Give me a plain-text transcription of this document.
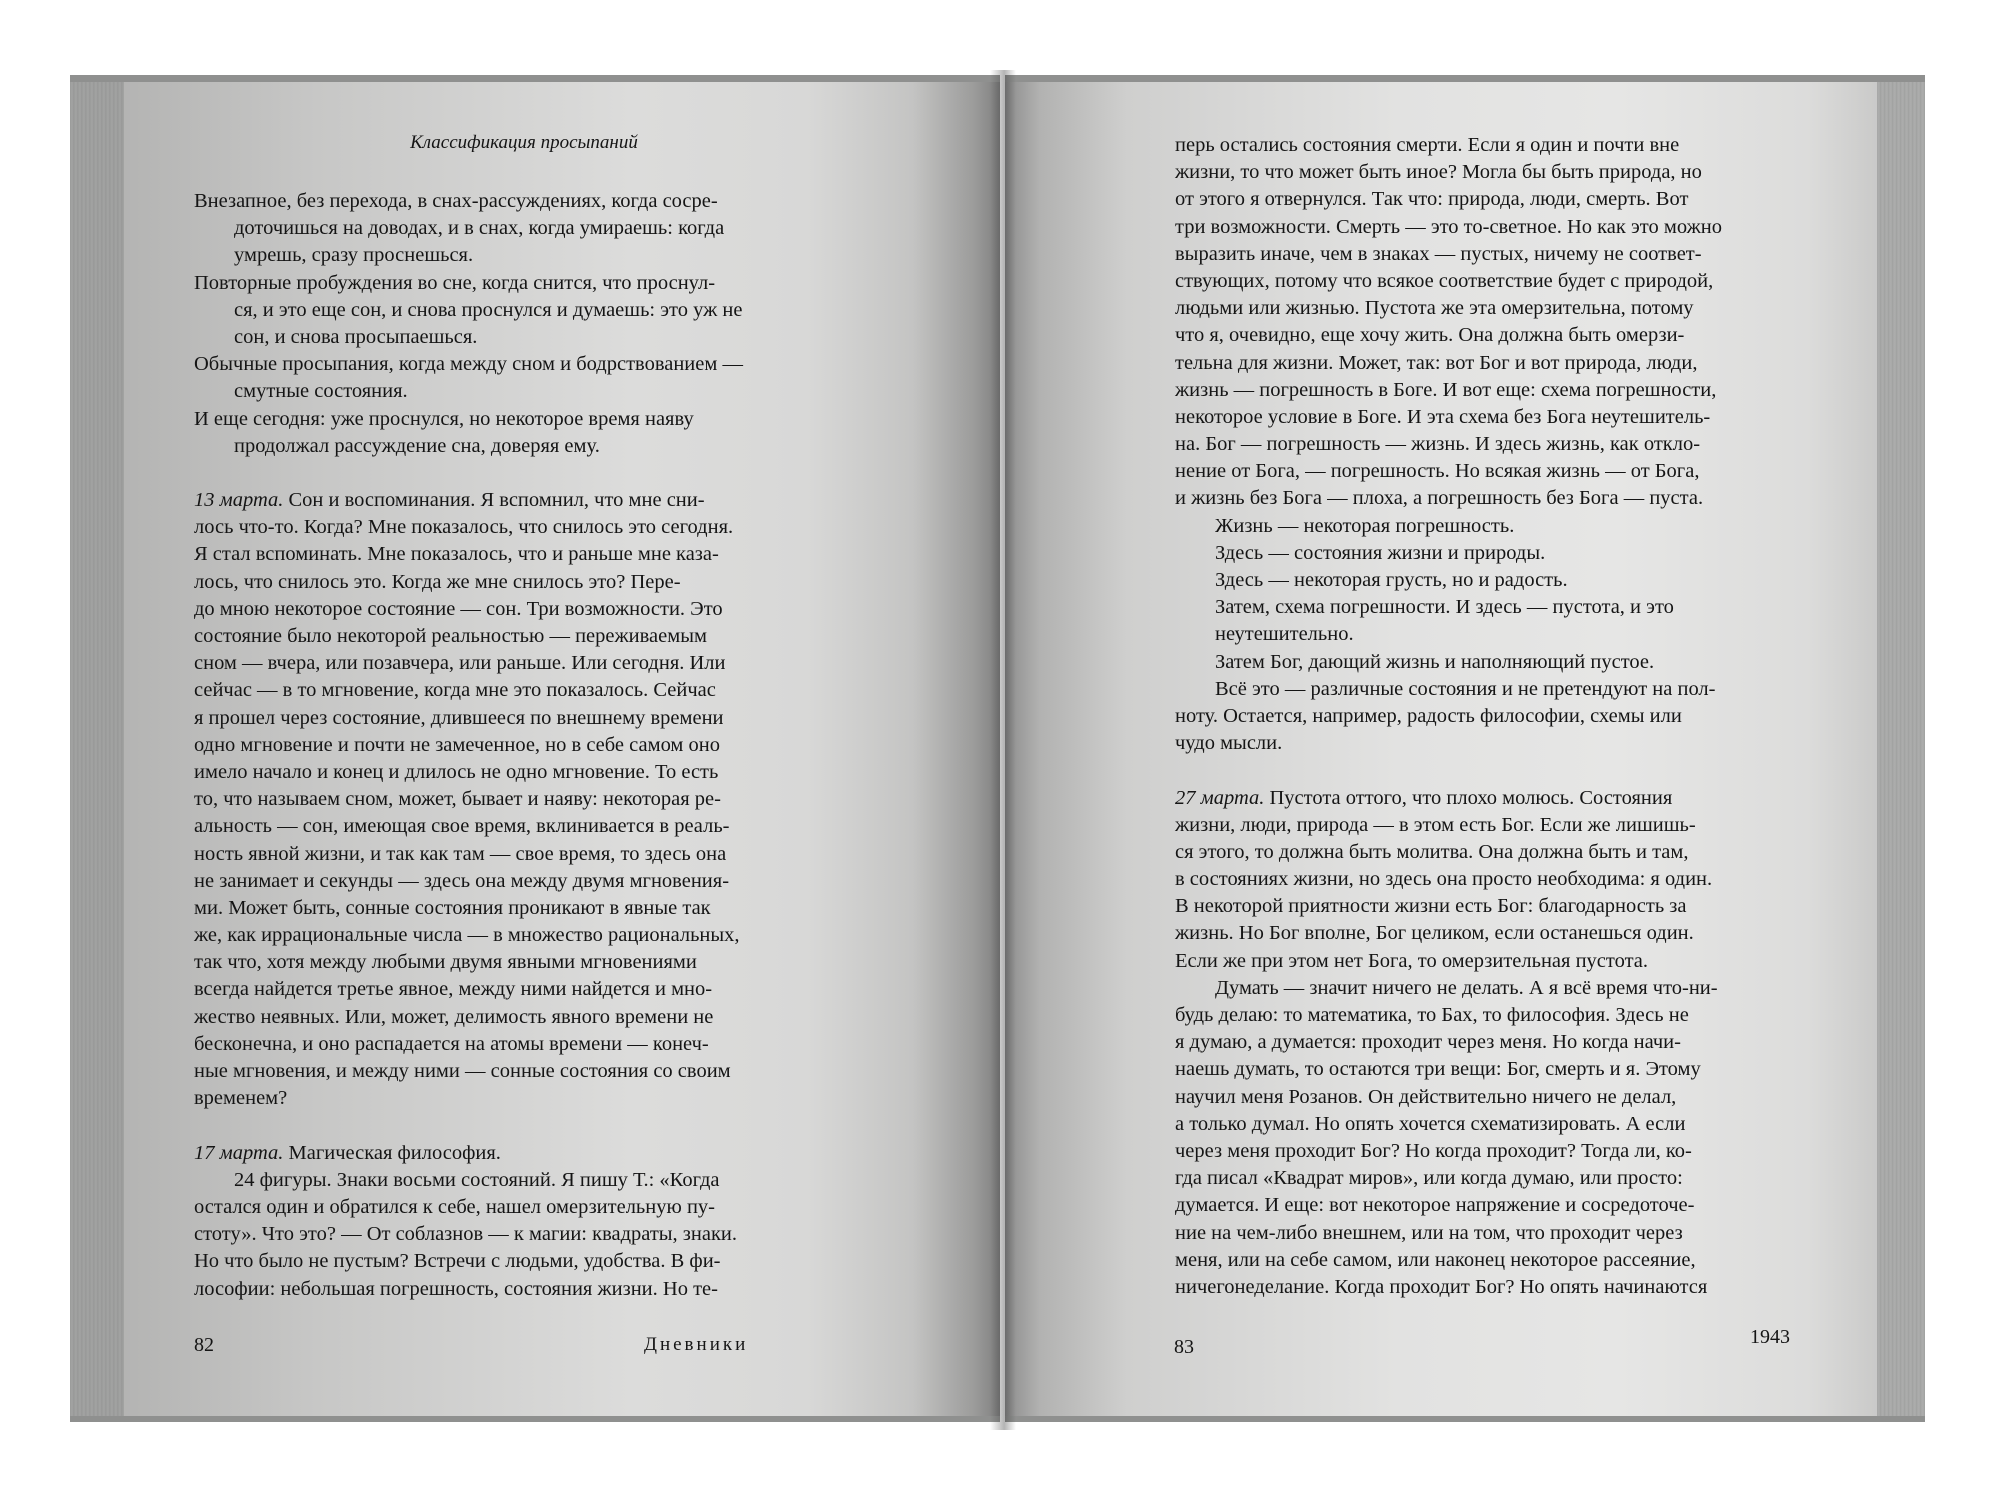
Классификация просыпаний
Внезапное, без перехода, в снах-рассуждениях, когда сосре-
доточишься на доводах, и в снах, когда умираешь: когда
умрешь, сразу проснешься.
Повторные пробуждения во сне, когда снится, что проснул-
ся, и это еще сон, и снова проснулся и думаешь: это уж не
сон, и снова просыпаешься.
Обычные просыпания, когда между сном и бодрствованием —
смутные состояния.
И еще сегодня: уже проснулся, но некоторое время наяву
продолжал рассуждение сна, доверяя ему.
13 марта. Сон и воспоминания. Я вспомнил, что мне сни-
лось что-то. Когда? Мне показалось, что снилось это сегодня.
Я стал вспоминать. Мне показалось, что и раньше мне каза-
лось, что снилось это. Когда же мне снилось это? Пере-
до мною некоторое состояние — сон. Три возможности. Это
состояние было некоторой реальностью — переживаемым
сном — вчера, или позавчера, или раньше. Или сегодня. Или
сейчас — в то мгновение, когда мне это показалось. Сейчас
я прошел через состояние, длившееся по внешнему времени
одно мгновение и почти не замеченное, но в себе самом оно
имело начало и конец и длилось не одно мгновение. То есть
то, что называем сном, может, бывает и наяву: некоторая ре-
альность — сон, имеющая свое время, вклинивается в реаль-
ность явной жизни, и так как там — свое время, то здесь она
не занимает и секунды — здесь она между двумя мгновения-
ми. Может быть, сонные состояния проникают в явные так
же, как иррациональные числа — в множество рациональных,
так что, хотя между любыми двумя явными мгновениями
всегда найдется третье явное, между ними найдется и мно-
жество неявных. Или, может, делимость явного времени не
бесконечна, и оно распадается на атомы времени — конеч-
ные мгновения, и между ними — сонные состояния со своим
временем?
17 марта. Магическая философия.
24 фигуры. Знаки восьми состояний. Я пишу Т.: «Когда
остался один и обратился к себе, нашел омерзительную пу-
стоту». Что это? — От соблазнов — к магии: квадраты, знаки.
Но что было не пустым? Встречи с людьми, удобства. В фи-
лософии: небольшая погрешность, состояния жизни. Но те-
82	Дневники
перь остались состояния смерти. Если я один и почти вне
жизни, то что может быть иное? Могла бы быть природа, но
от этого я отвернулся. Так что: природа, люди, смерть. Вот
три возможности. Смерть — это то-светное. Но как это можно
выразить иначе, чем в знаках — пустых, ничему не соответ-
ствующих, потому что всякое соответствие будет с природой,
людьми или жизнью. Пустота же эта омерзительна, потому
что я, очевидно, еще хочу жить. Она должна быть омерзи-
тельна для жизни. Может, так: вот Бог и вот природа, люди,
жизнь — погрешность в Боге. И вот еще: схема погрешности,
некоторое условие в Боге. И эта схема без Бога неутешитель-
на. Бог — погрешность — жизнь. И здесь жизнь, как откло-
нение от Бога, — погрешность. Но всякая жизнь — от Бога,
и жизнь без Бога — плоха, а погрешность без Бога — пуста.
Жизнь — некоторая погрешность.
Здесь — состояния жизни и природы.
Здесь — некоторая грусть, но и радость.
Затем, схема погрешности. И здесь — пустота, и это
неутешительно.
Затем Бог, дающий жизнь и наполняющий пустое.
Всё это — различные состояния и не претендуют на пол-
ноту. Остается, например, радость философии, схемы или
чудо мысли.
27 марта. Пустота оттого, что плохо молюсь. Состояния
жизни, люди, природа — в этом есть Бог. Если же лишишь-
ся этого, то должна быть молитва. Она должна быть и там,
в состояниях жизни, но здесь она просто необходима: я один.
В некоторой приятности жизни есть Бог: благодарность за
жизнь. Но Бог вполне, Бог целиком, если останешься один.
Если же при этом нет Бога, то омерзительная пустота.
Думать — значит ничего не делать. А я всё время что-ни-
будь делаю: то математика, то Бах, то философия. Здесь не
я думаю, а думается: проходит через меня. Но когда начи-
наешь думать, то остаются три вещи: Бог, смерть и я. Этому
научил меня Розанов. Он действительно ничего не делал,
а только думал. Но опять хочется схематизировать. А если
через меня проходит Бог? Но когда проходит? Тогда ли, ко-
гда писал «Квадрат миров», или когда думаю, или просто:
думается. И еще: вот некоторое напряжение и сосредоточе-
ние на чем-либо внешнем, или на том, что проходит через
меня, или на себе самом, или наконец некоторое рассеяние,
ничегонеделание. Когда проходит Бог? Но опять начинаются
83	1943
